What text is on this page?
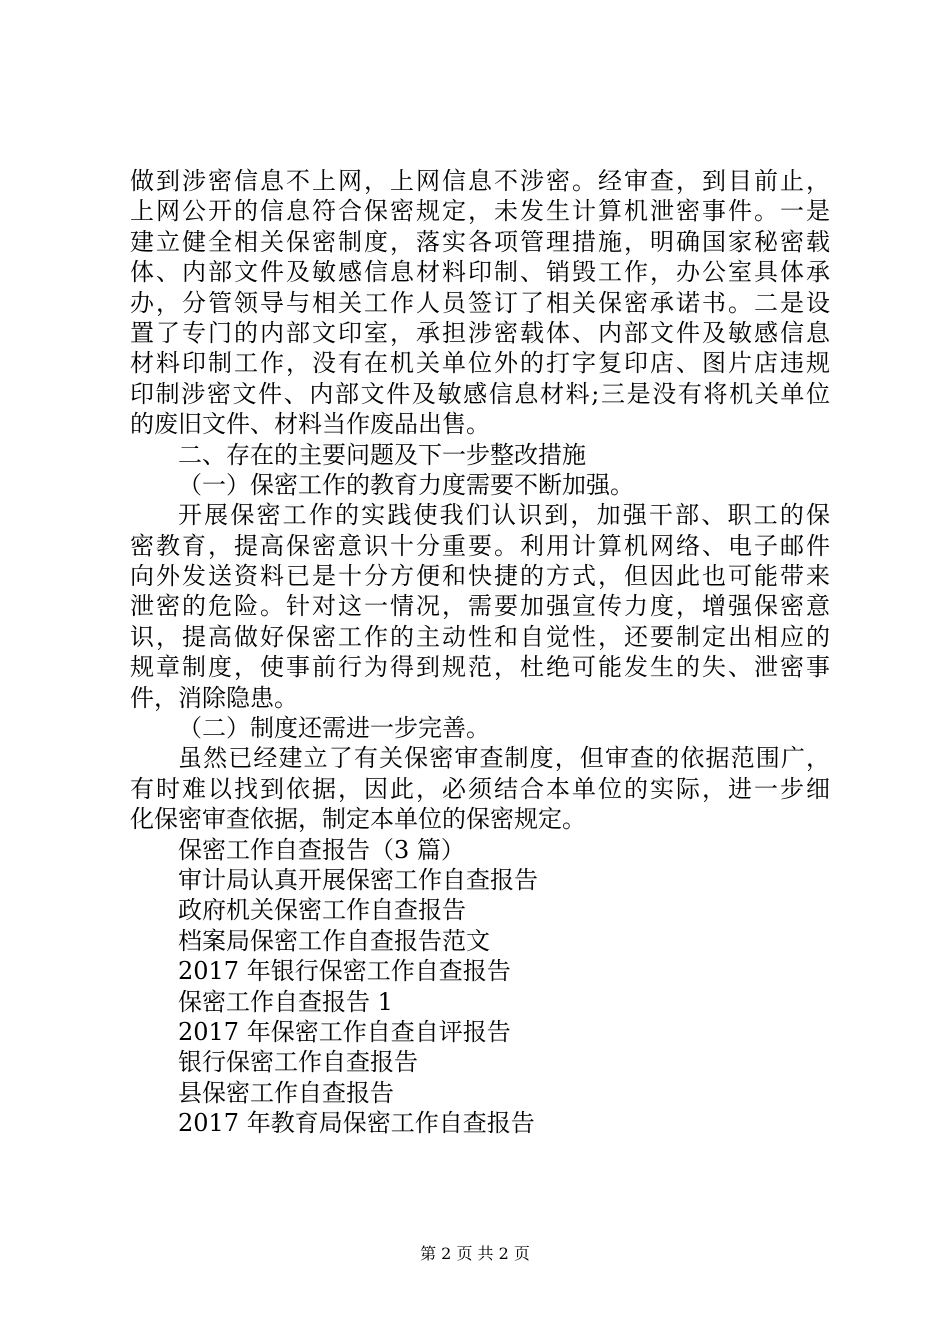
做到涉密信息不上网，上网信息不涉密。经审查，到目前止，
上网公开的信息符合保密规定，未发生计算机泄密事件。一是
建立健全相关保密制度，落实各项管理措施，明确国家秘密载
体、内部文件及敏感信息材料印制、销毁工作，办公室具体承
办，分管领导与相关工作人员签订了相关保密承诺书。二是设
置了专门的内部文印室，承担涉密载体、内部文件及敏感信息
材料印制工作，没有在机关单位外的打字复印店、图片店违规
印制涉密文件、内部文件及敏感信息材料;三是没有将机关单位
的废旧文件、材料当作废品出售。
二、存在的主要问题及下一步整改措施
（一）保密工作的教育力度需要不断加强。
开展保密工作的实践使我们认识到，加强干部、职工的保
密教育，提高保密意识十分重要。利用计算机网络、电子邮件
向外发送资料已是十分方便和快捷的方式，但因此也可能带来
泄密的危险。针对这一情况，需要加强宣传力度，增强保密意
识，提高做好保密工作的主动性和自觉性，还要制定出相应的
规章制度，使事前行为得到规范，杜绝可能发生的失、泄密事
件，消除隐患。
（二）制度还需进一步完善。
虽然已经建立了有关保密审查制度，但审查的依据范围广，
有时难以找到依据，因此，必须结合本单位的实际，进一步细
化保密审查依据，制定本单位的保密规定。
保密工作自查报告（3 篇）
审计局认真开展保密工作自查报告
政府机关保密工作自查报告
档案局保密工作自查报告范文
2017 年银行保密工作自查报告
保密工作自查报告 1
2017 年保密工作自查自评报告
银行保密工作自查报告
县保密工作自查报告
2017 年教育局保密工作自查报告
第 2 页 共 2 页
